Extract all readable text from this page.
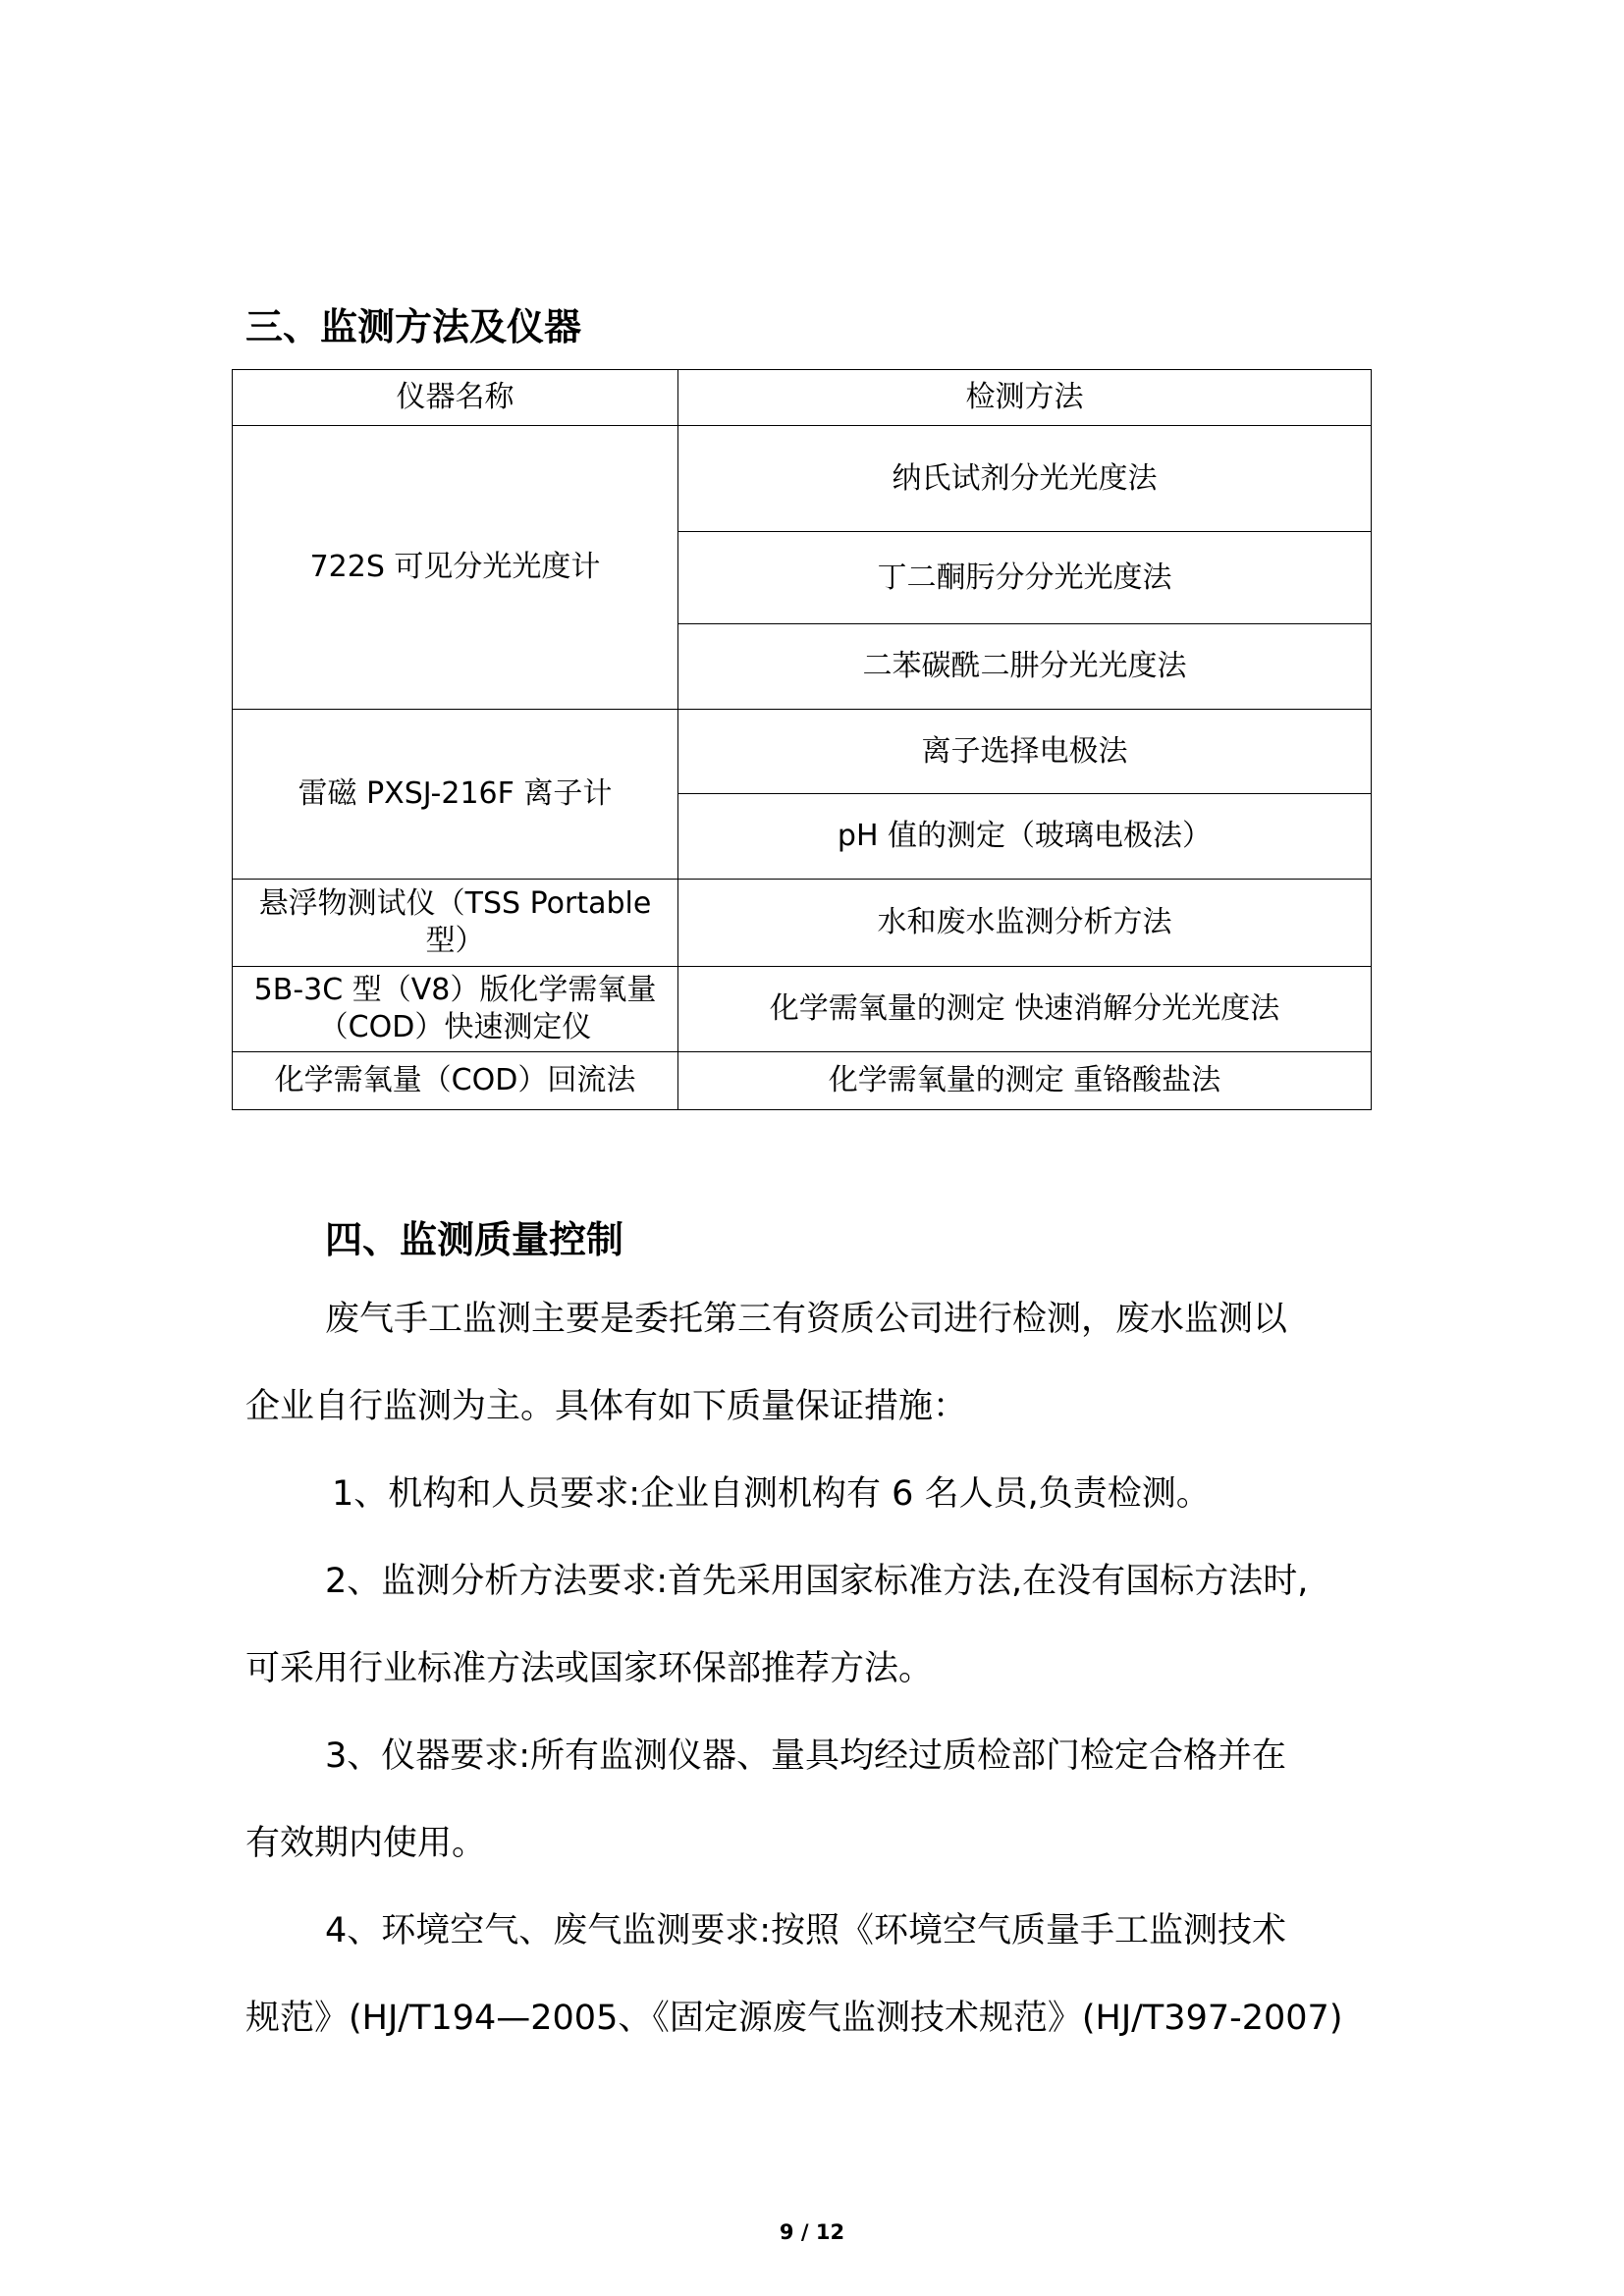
三、监测方法及仪器
仪器名称	检测方法
722S 可见分光光度计	纳氏试剂分光光度法
	丁二酮肟分分光光度法
	二苯碳酰二肼分光光度法
雷磁 PXSJ-216F 离子计	离子选择电极法
	pH 值的测定（玻璃电极法）
悬浮物测试仪（TSS Portable 型）	水和废水监测分析方法
5B-3C 型（V8）版化学需氧量（COD）快速测定仪	化学需氧量的测定 快速消解分光光度法
化学需氧量（COD）回流法	化学需氧量的测定 重铬酸盐法
四、监测质量控制

废气手工监测主要是委托第三有资质公司进行检测，废水监测以

企业自行监测为主。具体有如下质量保证措施：

1、机构和人员要求:企业自测机构有 6 名人员,负责检测。

2、监测分析方法要求:首先采用国家标准方法,在没有国标方法时,

可采用行业标准方法或国家环保部推荐方法。

3、仪器要求:所有监测仪器、量具均经过质检部门检定合格并在

有效期内使用。

4、环境空气、废气监测要求:按照《环境空气质量手工监测技术

规范》(HJ/T194—2005、《固定源废气监测技术规范》(HJ/T397-2007)

9 / 12
